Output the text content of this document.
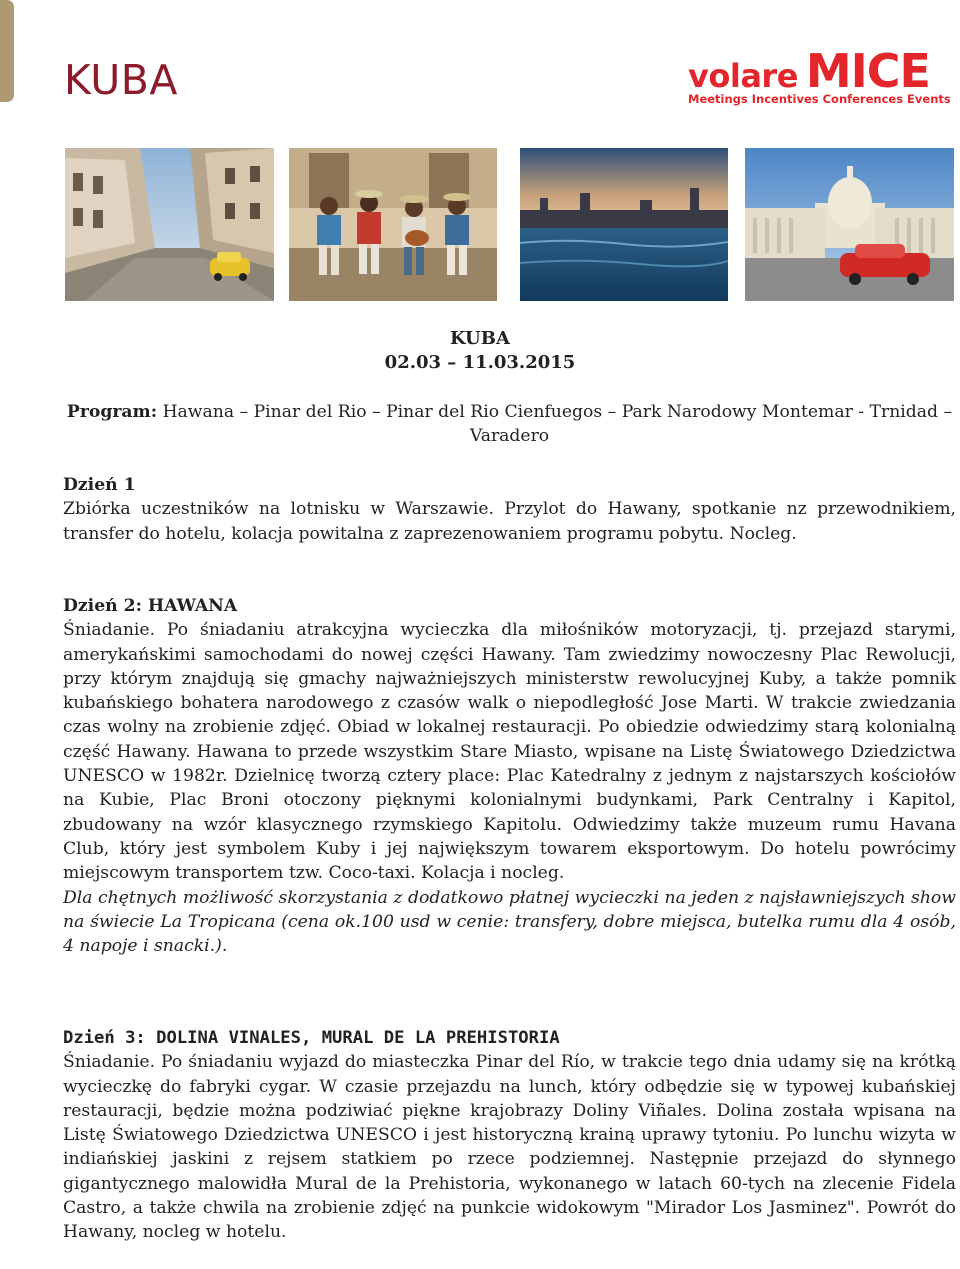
KUBA	volare MICE
Meetings Incentives Conferences Events
KUBA
02.03 – 11.03.2015
Program: Hawana – Pinar del Rio – Pinar del Rio Cienfuegos – Park Narodowy Montemar - Trnidad – Varadero

Dzień 1

Zbiórka uczestników na lotnisku w Warszawie. Przylot do Hawany, spotkanie nz przewodnikiem, transfer do hotelu, kolacja powitalna z zaprezenowaniem programu pobytu. Nocleg.

Dzień 2: HAWANA

Śniadanie. Po śniadaniu atrakcyjna wycieczka dla miłośników motoryzacji, tj. przejazd starymi, amerykańskimi samochodami do nowej części Hawany. Tam zwiedzimy nowoczesny Plac Rewolucji, przy którym znajdują się gmachy najważniejszych ministerstw rewolucyjnej Kuby, a także pomnik kubańskiego bohatera narodowego z czasów walk o niepodległość Jose Marti. W trakcie zwiedzania czas wolny na zrobienie zdjęć. Obiad w lokalnej restauracji. Po obiedzie odwiedzimy starą kolonialną część Hawany. Hawana to przede wszystkim Stare Miasto, wpisane na Listę Światowego Dziedzictwa UNESCO w 1982r. Dzielnicę tworzą cztery place: Plac Katedralny z jednym z najstarszych kościołów na Kubie, Plac Broni otoczony pięknymi kolonialnymi budynkami, Park Centralny i Kapitol, zbudowany na wzór klasycznego rzymskiego Kapitolu. Odwiedzimy także muzeum rumu Havana Club, który jest symbolem Kuby i jej największym towarem eksportowym. Do hotelu powrócimy miejscowym transportem tzw. Coco-taxi. Kolacja i nocleg.

Dla chętnych możliwość skorzystania z dodatkowo płatnej wycieczki na jeden z najsławniejszych show na świecie La Tropicana (cena ok.100 usd w cenie: transfery, dobre miejsca, butelka rumu dla 4 osób, 4 napoje i snacki.).

Dzień 3: DOLINA VINALES, MURAL DE LA PREHISTORIA

Śniadanie. Po śniadaniu wyjazd do miasteczka Pinar del Río, w trakcie tego dnia udamy się na krótką wycieczkę do fabryki cygar. W czasie przejazdu na lunch, który odbędzie się w typowej kubańskiej restauracji, będzie można podziwiać piękne krajobrazy Doliny Viñales. Dolina została wpisana na Listę Światowego Dziedzictwa UNESCO i jest historyczną krainą uprawy tytoniu. Po lunchu wizyta w indiańskiej jaskini z rejsem statkiem po rzece podziemnej. Następnie przejazd do słynnego gigantycznego malowidła Mural de la Prehistoria, wykonanego w latach 60-tych na zlecenie Fidela Castro, a także chwila na zrobienie zdjęć na punkcie widokowym "Mirador Los Jasminez". Powrót do Hawany, nocleg w hotelu.
